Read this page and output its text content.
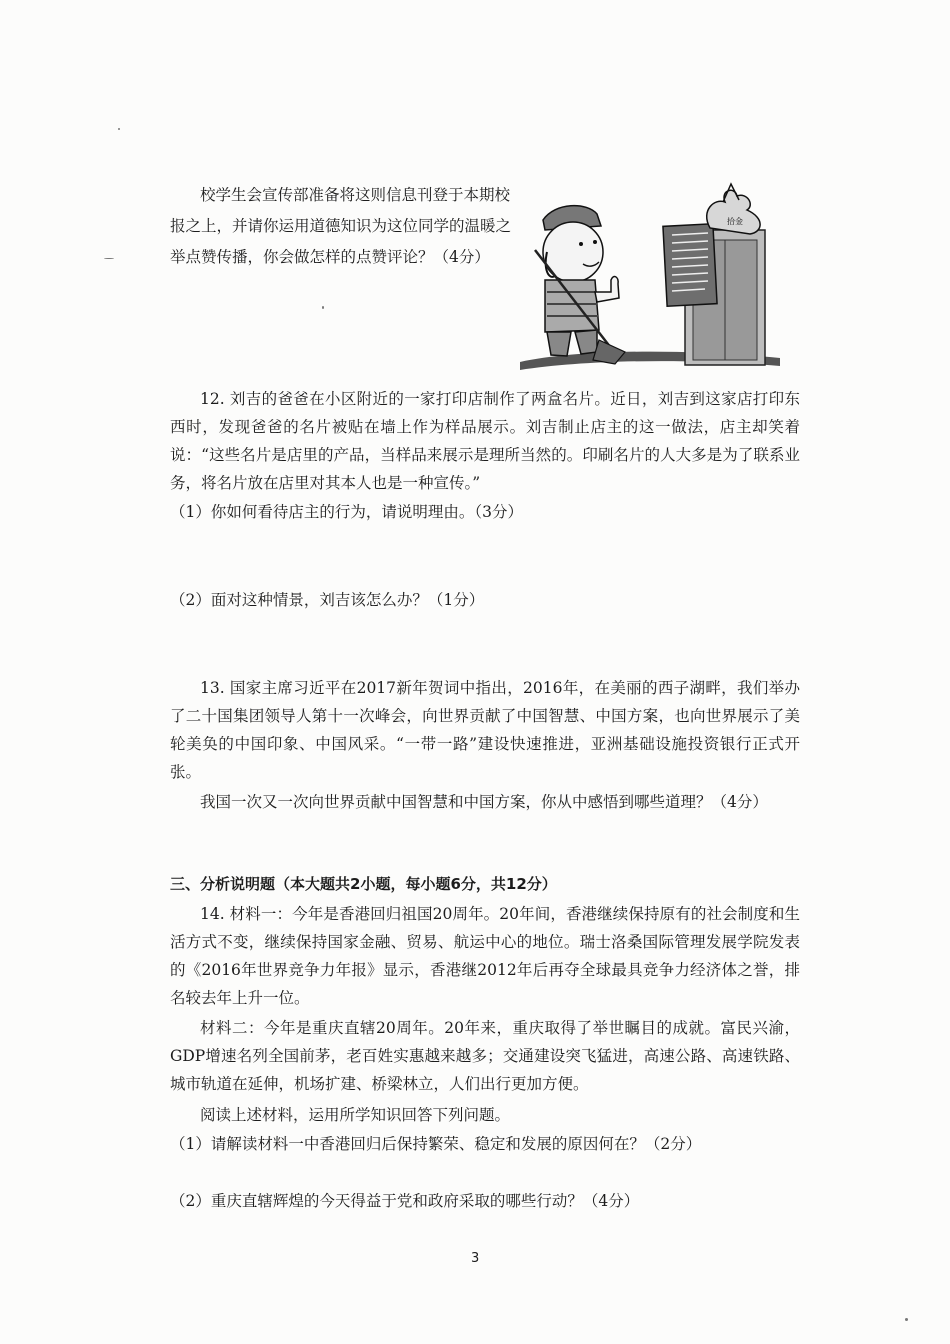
校学生会宣传部准备将这则信息刊登于本期校报之上，并请你运用道德知识为这位同学的温暖之举点赞传播，你会做怎样的点赞评论？（4分）

拾金

12. 刘吉的爸爸在小区附近的一家打印店制作了两盒名片。近日，刘吉到这家店打印东西时，发现爸爸的名片被贴在墙上作为样品展示。刘吉制止店主的这一做法，店主却笑着说：“这些名片是店里的产品，当样品来展示是理所当然的。印刷名片的人大多是为了联系业务，将名片放在店里对其本人也是一种宣传。”

（1）你如何看待店主的行为，请说明理由。（3分）

（2）面对这种情景，刘吉该怎么办？（1分）

13. 国家主席习近平在2017新年贺词中指出，2016年，在美丽的西子湖畔，我们举办了二十国集团领导人第十一次峰会，向世界贡献了中国智慧、中国方案，也向世界展示了美轮美奂的中国印象、中国风采。“一带一路”建设快速推进，亚洲基础设施投资银行正式开张。

我国一次又一次向世界贡献中国智慧和中国方案，你从中感悟到哪些道理？（4分）

三、分析说明题（本大题共2小题，每小题6分，共12分）

14. 材料一：今年是香港回归祖国20周年。20年间，香港继续保持原有的社会制度和生活方式不变，继续保持国家金融、贸易、航运中心的地位。瑞士洛桑国际管理发展学院发表的《2016年世界竞争力年报》显示，香港继2012年后再夺全球最具竞争力经济体之誉，排名较去年上升一位。

材料二：今年是重庆直辖20周年。20年来，重庆取得了举世瞩目的成就。富民兴渝，GDP增速名列全国前茅，老百姓实惠越来越多；交通建设突飞猛进，高速公路、高速铁路、城市轨道在延伸，机场扩建、桥梁林立，人们出行更加方便。

阅读上述材料，运用所学知识回答下列问题。

（1）请解读材料一中香港回归后保持繁荣、稳定和发展的原因何在？（2分）

（2）重庆直辖辉煌的今天得益于党和政府采取的哪些行动？（4分）

3
